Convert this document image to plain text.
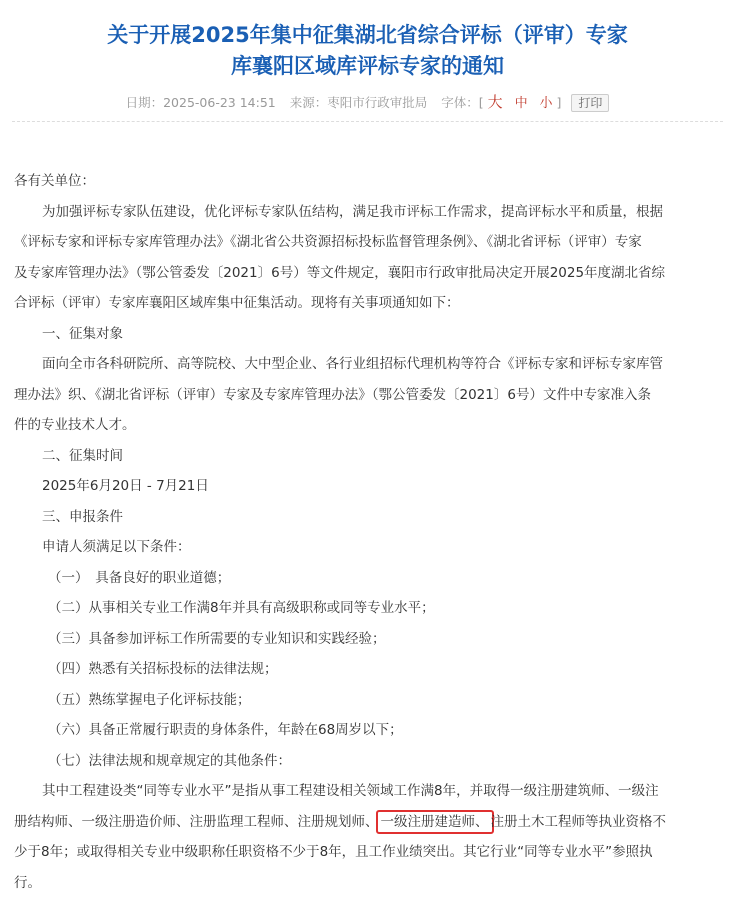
关于开展2025年集中征集湖北省综合评标（评审）专家
库襄阳区域库评标专家的通知
日期：2025-06-23 14:51 来源：枣阳市行政审批局 字体：[ 大 中 小 ] 打印

各有关单位：

为加强评标专家队伍建设，优化评标专家队伍结构，满足我市评标工作需求，提高评标水平和质量，根据

《评标专家和评标专家库管理办法》《湖北省公共资源招标投标监督管理条例》、《湖北省评标（评审）专家

及专家库管理办法》（鄂公管委发〔2021〕6号）等文件规定，襄阳市行政审批局决定开展2025年度湖北省综

合评标（评审）专家库襄阳区域库集中征集活动。现将有关事项通知如下：

一、征集对象

面向全市各科研院所、高等院校、大中型企业、各行业组招标代理机构等符合《评标专家和评标专家库管

理办法》织、《湖北省评标（评审）专家及专家库管理办法》（鄂公管委发〔2021〕6号）文件中专家准入条

件的专业技术人才。

二、征集时间

2025年6月20日 - 7月21日

三、申报条件

申请人须满足以下条件：

（一）　具备良好的职业道德；

（二）从事相关专业工作满8年并具有高级职称或同等专业水平；

（三）具备参加评标工作所需要的专业知识和实践经验；

（四）熟悉有关招标投标的法律法规；

（五）熟练掌握电子化评标技能；

（六）具备正常履行职责的身体条件，年龄在68周岁以下；

（七）法律法规和规章规定的其他条件：

其中工程建设类“同等专业水平”是指从事工程建设相关领域工作满8年，并取得一级注册建筑师、一级注

册结构师、一级注册造价师、注册监理工程师、注册规划师、 一级注册建造师、 注册土木工程师等执业资格不

少于8年；或取得相关专业中级职称任职资格不少于8年，且工作业绩突出。其它行业“同等专业水平”参照执

行。
